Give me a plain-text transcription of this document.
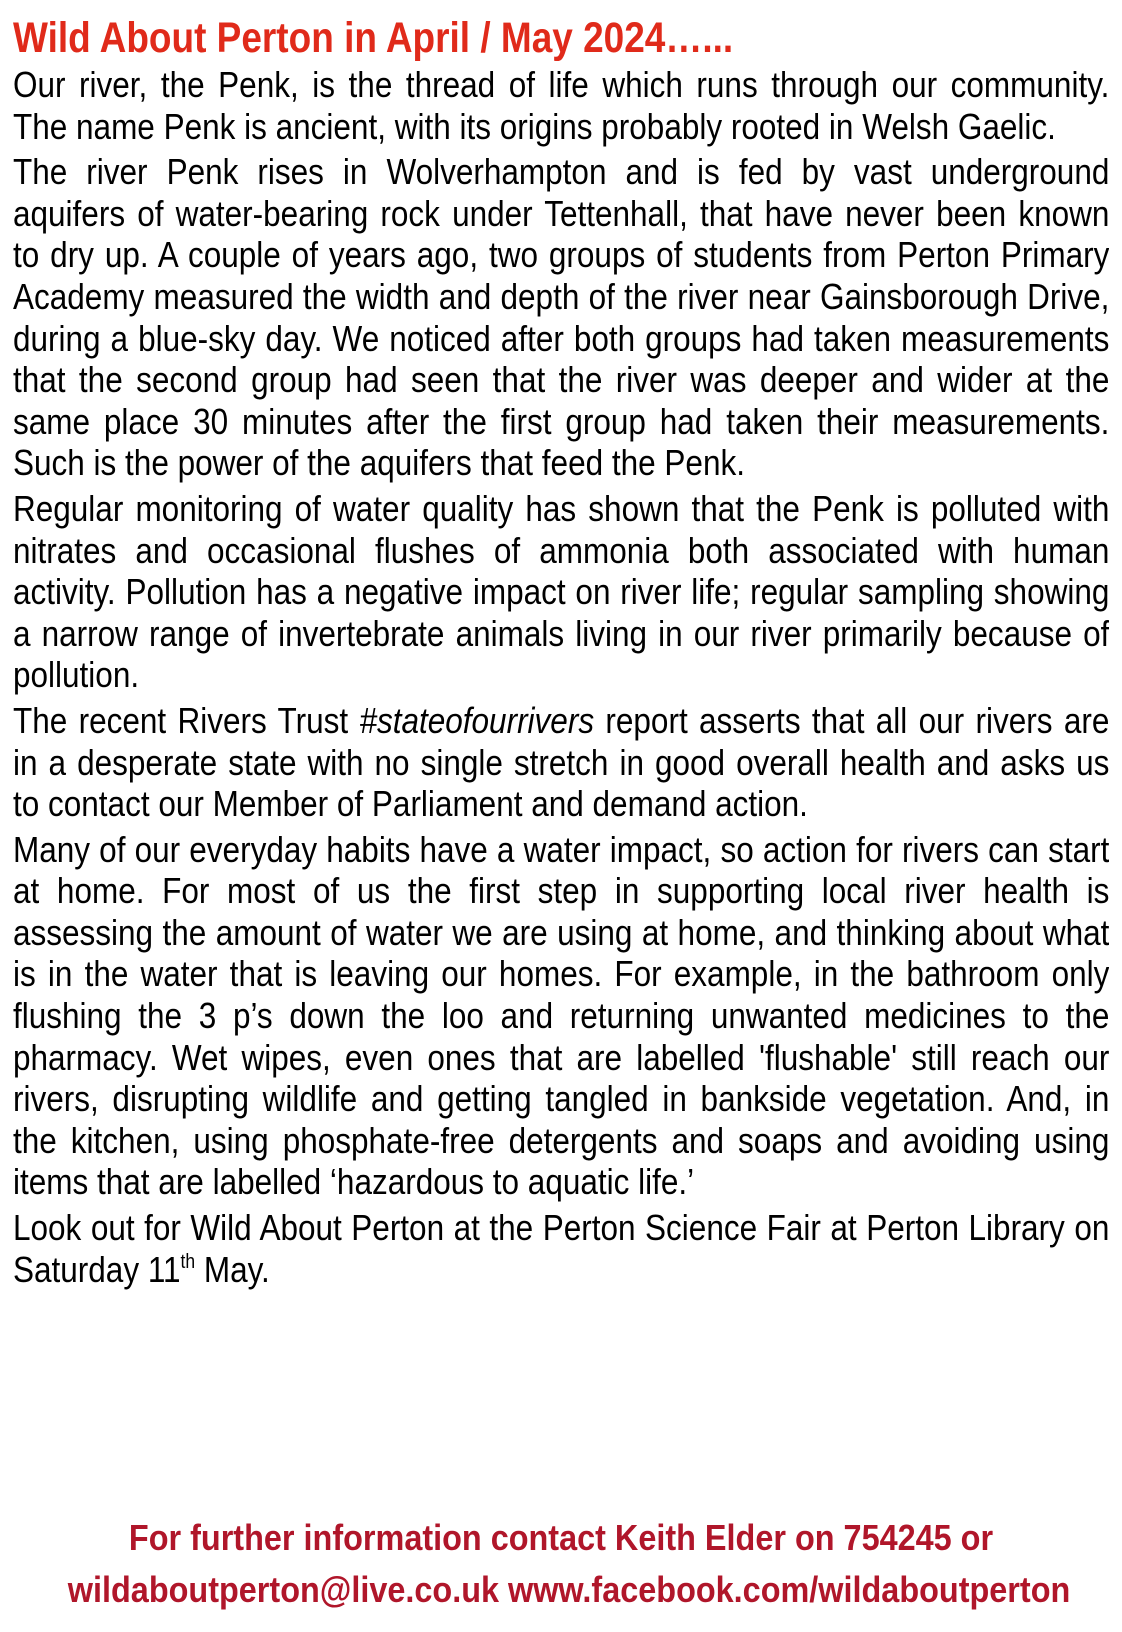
Wild About Perton in April / May 2024…...

Our river, the Penk, is the thread of life which runs through our community. The name Penk is ancient, with its origins probably rooted in Welsh Gaelic.

The river Penk rises in Wolverhampton and is fed by vast underground aquifers of water-bearing rock under Tettenhall, that have never been known to dry up. A couple of years ago, two groups of students from Perton Primary Academy measured the width and depth of the river near Gainsborough Drive, during a blue-sky day. We noticed after both groups had taken measurements that the second group had seen that the river was deeper and wider at the same place 30 minutes after the first group had taken their measurements. Such is the power of the aquifers that feed the Penk.

Regular monitoring of water quality has shown that the Penk is polluted with nitrates and occasional flushes of ammonia both associated with human activity. Pollution has a negative impact on river life; regular sampling showing a narrow range of invertebrate animals living in our river primarily because of pollution.

The recent Rivers Trust #stateofourrivers report asserts that all our rivers are in a desperate state with no single stretch in good overall health and asks us to contact our Member of Parliament and demand action.

Many of our everyday habits have a water impact, so action for rivers can start at home. For most of us the first step in supporting local river health is assessing the amount of water we are using at home, and thinking about what is in the water that is leaving our homes. For example, in the bathroom only flushing the 3 p’s down the loo and returning unwanted medicines to the pharmacy. Wet wipes, even ones that are labelled 'flushable' still reach our rivers, disrupting wildlife and getting tangled in bankside vegetation. And, in the kitchen, using phosphate-free detergents and soaps and avoiding using items that are labelled ‘hazardous to aquatic life.’

Look out for Wild About Perton at the Perton Science Fair at Perton Library on Saturday 11th May.

For further information contact Keith Elder on 754245 or
wildaboutperton@live.co.uk www.facebook.com/wildaboutperton
